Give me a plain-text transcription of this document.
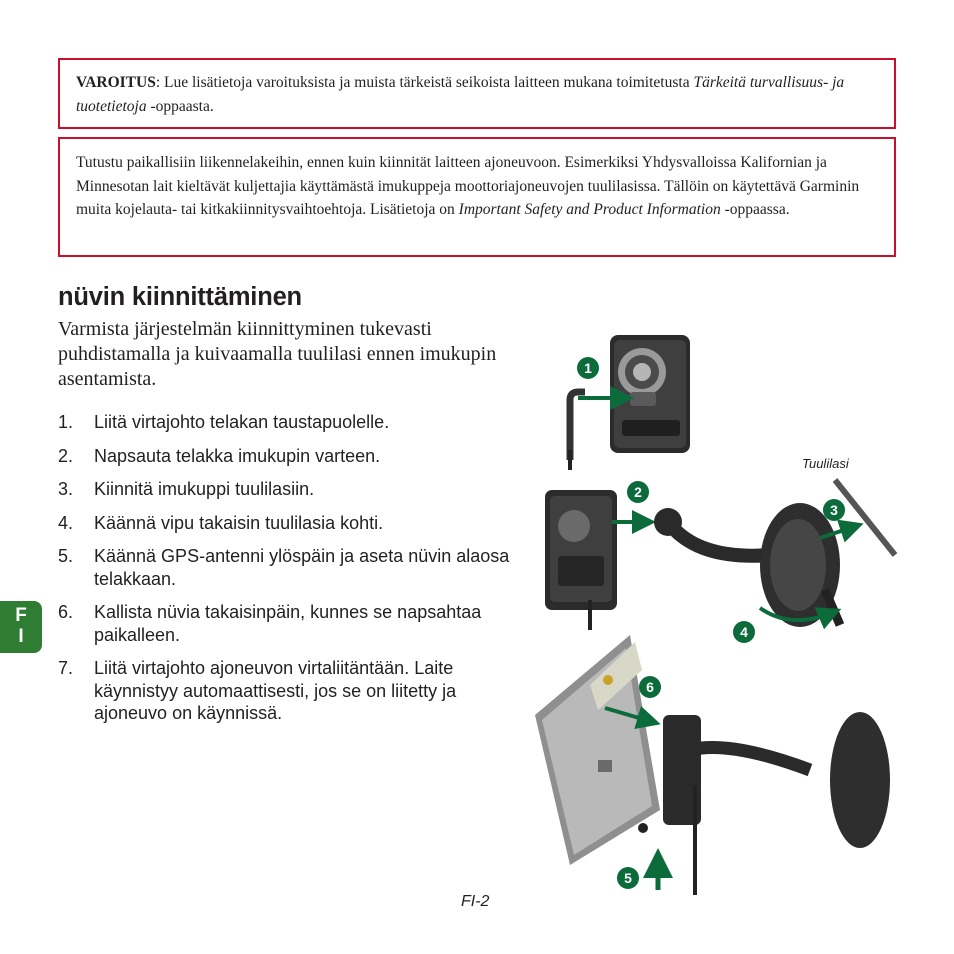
VAROITUS: Lue lisätietoja varoituksista ja muista tärkeistä seikoista laitteen mukana toimitetusta Tärkeitä turvallisuus- ja tuotetietoja -oppaasta.
Tutustu paikallisiin liikennelakeihin, ennen kuin kiinnität laitteen ajoneuvoon. Esimerkiksi Yhdysvalloissa Kalifornian ja Minnesotan lait kieltävät kuljettajia käyttämästä imukuppeja moottoriajoneuvojen tuulilasissa. Tällöin on käytettävä Garminin muita kojelauta- tai kitkakiinnitysvaihtoehtoja. Lisätietoja on Important Safety and Product Information -oppaassa.
nüvin kiinnittäminen
Varmista järjestelmän kiinnittyminen tukevasti puhdistamalla ja kuivaamalla tuulilasi ennen imukupin asentamista.
1. Liitä virtajohto telakan taustapuolelle.
2. Napsauta telakka imukupin varteen.
3. Kiinnitä imukuppi tuulilasiin.
4. Käännä vipu takaisin tuulilasia kohti.
5. Käännä GPS-antenni ylöspäin ja aseta nüvin alaosa telakkaan.
6. Kallista nüvia takaisinpäin, kunnes se napsahtaa paikalleen.
7. Liitä virtajohto ajoneuvon virtaliitäntään. Laite käynnistyy automaattisesti, jos se on liitetty ja ajoneuvo on käynnissä.
F
I
Tuulilasi
1
2
3
4
5
6
FI-2
